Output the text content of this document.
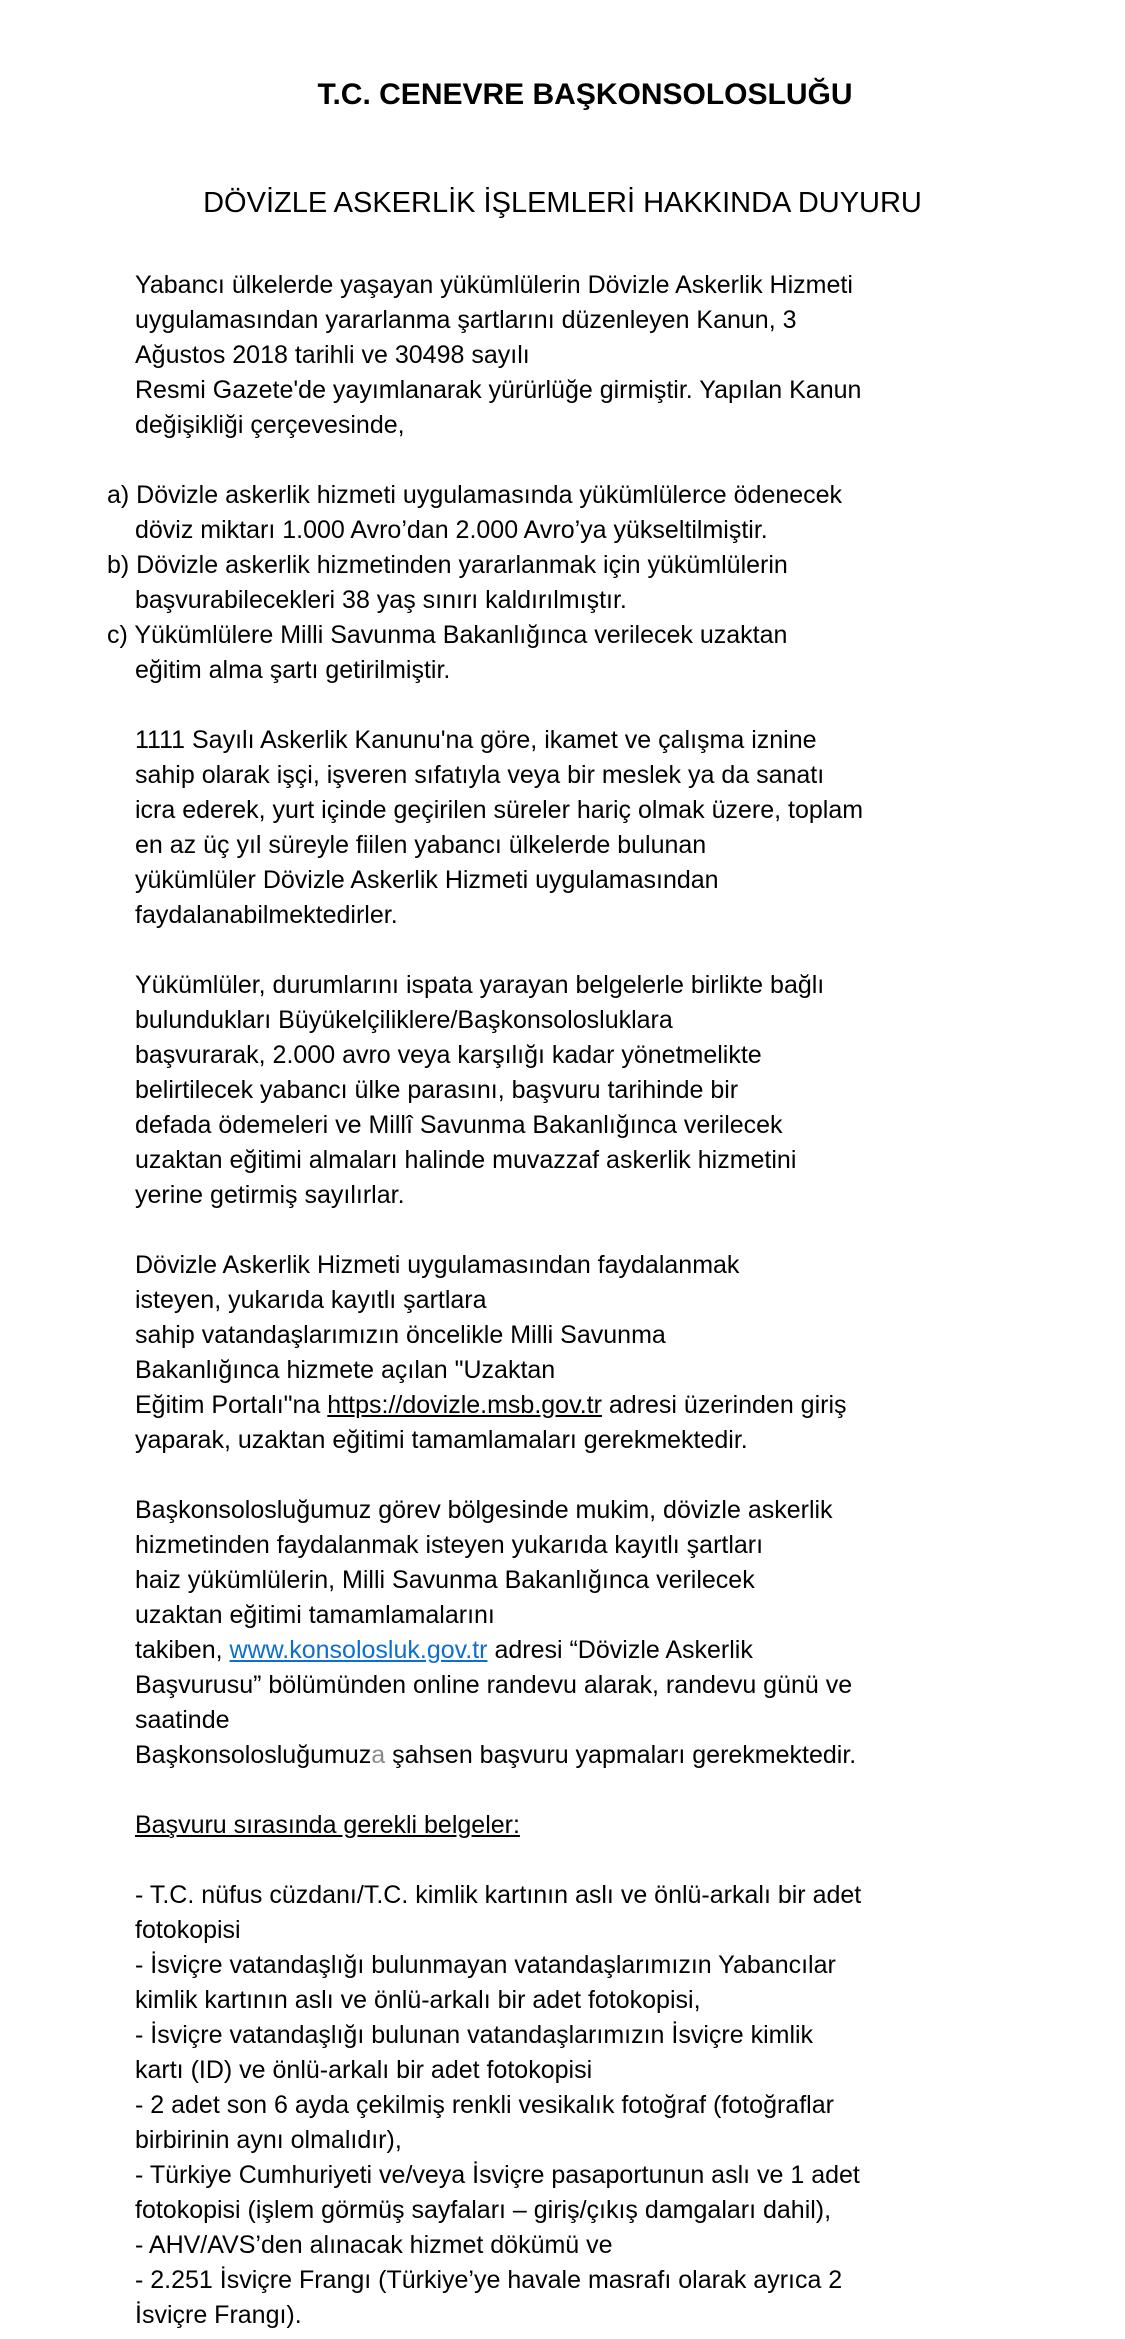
T.C. CENEVRE BAŞKONSOLOSLUĞU
DÖVİZLE ASKERLİK İŞLEMLERİ HAKKINDA DUYURU

Yabancı ülkelerde yaşayan yükümlülerin Dövizle Askerlik Hizmeti
uygulamasından yararlanma şartlarını düzenleyen Kanun, 3
Ağustos 2018 tarihli ve 30498 sayılı
Resmi Gazete'de yayımlanarak yürürlüğe girmiştir. Yapılan Kanun
değişikliği çerçevesinde,

a) Dövizle askerlik hizmeti uygulamasında yükümlülerce ödenecek
döviz miktarı 1.000 Avro’dan 2.000 Avro’ya yükseltilmiştir.

b) Dövizle askerlik hizmetinden yararlanmak için yükümlülerin
başvurabilecekleri 38 yaş sınırı kaldırılmıştır.

c) Yükümlülere Milli Savunma Bakanlığınca verilecek uzaktan
eğitim alma şartı getirilmiştir.

1111 Sayılı Askerlik Kanunu'na göre, ikamet ve çalışma iznine
sahip olarak işçi, işveren sıfatıyla veya bir meslek ya da sanatı
icra ederek, yurt içinde geçirilen süreler hariç olmak üzere, toplam
en az üç yıl süreyle fiilen yabancı ülkelerde bulunan
yükümlüler Dövizle Askerlik Hizmeti uygulamasından
faydalanabilmektedirler.

Yükümlüler, durumlarını ispata yarayan belgelerle birlikte bağlı
bulundukları Büyükelçiliklere/Başkonsolosluklara
başvurarak, 2.000 avro veya karşılığı kadar yönetmelikte
belirtilecek yabancı ülke parasını, başvuru tarihinde bir
defada ödemeleri ve Millî Savunma Bakanlığınca verilecek
uzaktan eğitimi almaları halinde muvazzaf askerlik hizmetini
yerine getirmiş sayılırlar.

Dövizle Askerlik Hizmeti uygulamasından faydalanmak
isteyen, yukarıda kayıtlı şartlara
sahip vatandaşlarımızın öncelikle Milli Savunma
Bakanlığınca hizmete açılan "Uzaktan
Eğitim Portalı"na https://dovizle.msb.gov.tr adresi üzerinden giriş
yaparak, uzaktan eğitimi tamamlamaları gerekmektedir.

Başkonsolosluğumuz görev bölgesinde mukim, dövizle askerlik
hizmetinden faydalanmak isteyen yukarıda kayıtlı şartları
haiz yükümlülerin, Milli Savunma Bakanlığınca verilecek
uzaktan eğitimi tamamlamalarını
takiben, www.konsolosluk.gov.tr adresi “Dövizle Askerlik
Başvurusu” bölümünden online randevu alarak, randevu günü ve
saatinde
Başkonsolosluğumuza şahsen başvuru yapmaları gerekmektedir.

Başvuru sırasında gerekli belgeler:

- T.C. nüfus cüzdanı/T.C. kimlik kartının aslı ve önlü-arkalı bir adet
fotokopisi
- İsviçre vatandaşlığı bulunmayan vatandaşlarımızın Yabancılar
kimlik kartının aslı ve önlü-arkalı bir adet fotokopisi,
- İsviçre vatandaşlığı bulunan vatandaşlarımızın İsviçre kimlik
kartı (ID) ve önlü-arkalı bir adet fotokopisi
- 2 adet son 6 ayda çekilmiş renkli vesikalık fotoğraf (fotoğraflar
birbirinin aynı olmalıdır),
- Türkiye Cumhuriyeti ve/veya İsviçre pasaportunun aslı ve 1 adet
fotokopisi (işlem görmüş sayfaları – giriş/çıkış damgaları dahil),
- AHV/AVS’den alınacak hizmet dökümü ve
- 2.251 İsviçre Frangı (Türkiye’ye havale masrafı olarak ayrıca 2
İsviçre Frangı).
